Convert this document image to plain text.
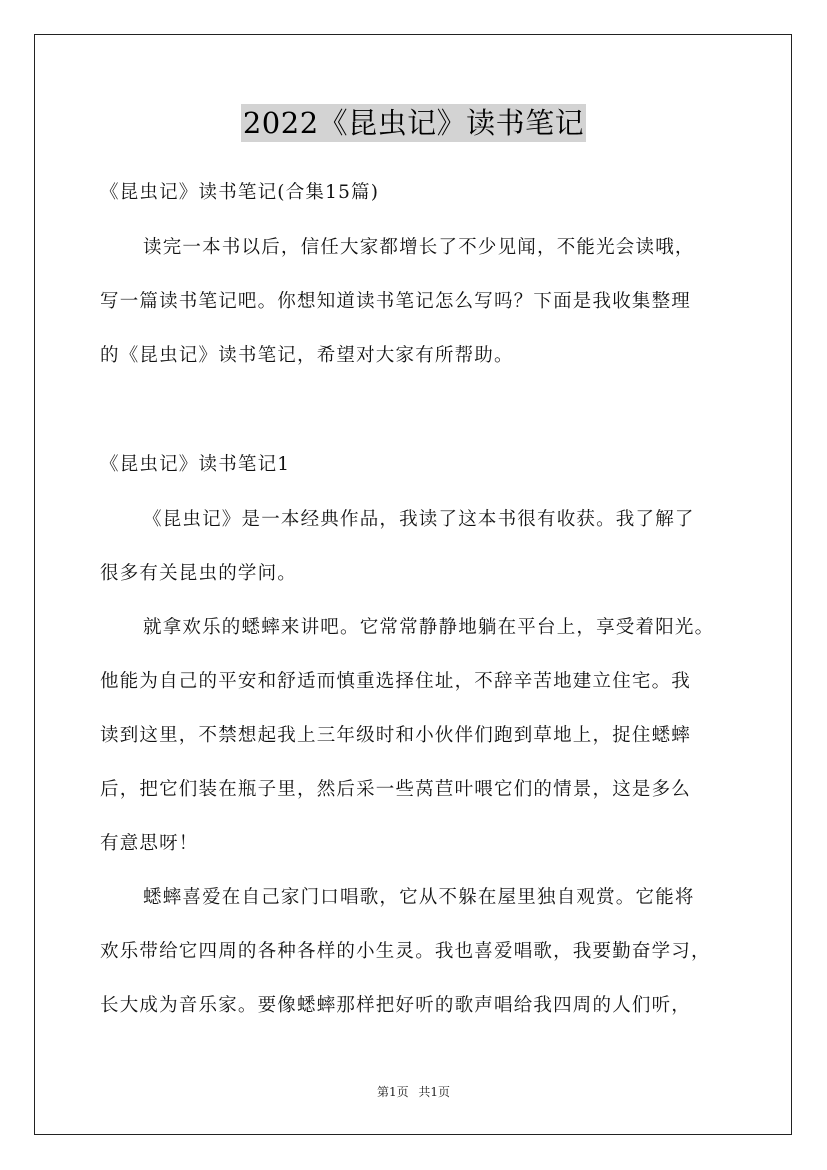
2022《昆虫记》读书笔记
《昆虫记》读书笔记(合集15篇)
读完一本书以后，信任大家都增长了不少见闻，不能光会读哦，
写一篇读书笔记吧。你想知道读书笔记怎么写吗？下面是我收集整理
的《昆虫记》读书笔记，希望对大家有所帮助。
《昆虫记》读书笔记1
《昆虫记》是一本经典作品，我读了这本书很有收获。我了解了
很多有关昆虫的学问。
就拿欢乐的蟋蟀来讲吧。它常常静静地躺在平台上，享受着阳光。
他能为自己的平安和舒适而慎重选择住址，不辞辛苦地建立住宅。我
读到这里，不禁想起我上三年级时和小伙伴们跑到草地上，捉住蟋蟀
后，把它们装在瓶子里，然后采一些莴苣叶喂它们的情景，这是多么
有意思呀！
蟋蟀喜爱在自己家门口唱歌，它从不躲在屋里独自观赏。它能将
欢乐带给它四周的各种各样的小生灵。我也喜爱唱歌，我要勤奋学习，
长大成为音乐家。要像蟋蟀那样把好听的歌声唱给我四周的人们听，
第1页 共1页
